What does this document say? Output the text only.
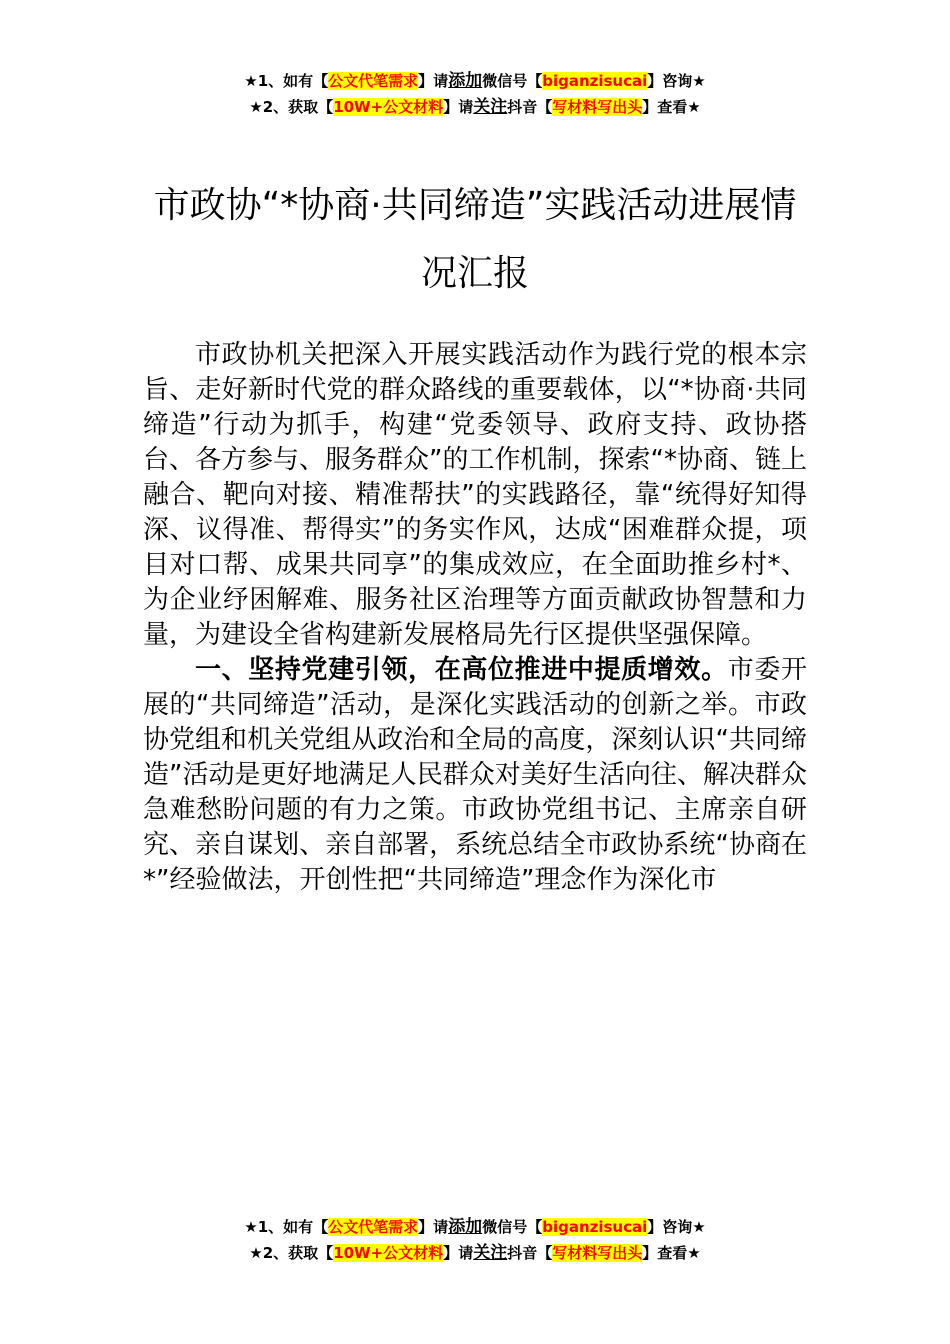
★1、如有【公文代笔需求】请添加微信号【biganzisucai】咨询★
★2、获取【10W+公文材料】请关注抖音【写材料写出头】查看★
市政协“*协商·共同缔造”实践活动进展情况汇报

市政协机关把深入开展实践活动作为践行党的根本宗旨、走好新时代党的群众路线的重要载体，以“*协商·共同缔造”行动为抓手，构建“党委领导、政府支持、政协搭台、各方参与、服务群众”的工作机制，探索“*协商、链上融合、靶向对接、精准帮扶”的实践路径，靠“统得好知得深、议得准、帮得实”的务实作风，达成“困难群众提，项目对口帮、成果共同享”的集成效应，在全面助推乡村*、为企业纾困解难、服务社区治理等方面贡献政协智慧和力量，为建设全省构建新发展格局先行区提供坚强保障。

一、坚持党建引领，在高位推进中提质增效。市委开展的“共同缔造”活动，是深化实践活动的创新之举。市政协党组和机关党组从政治和全局的高度，深刻认识“共同缔造”活动是更好地满足人民群众对美好生活向往、解决群众急难愁盼问题的有力之策。市政协党组书记、主席亲自研究、亲自谋划、亲自部署，系统总结全市政协系统“协商在*”经验做法，开创性把“共同缔造”理念作为深化市

★1、如有【公文代笔需求】请添加微信号【biganzisucai】咨询★
★2、获取【10W+公文材料】请关注抖音【写材料写出头】查看★
